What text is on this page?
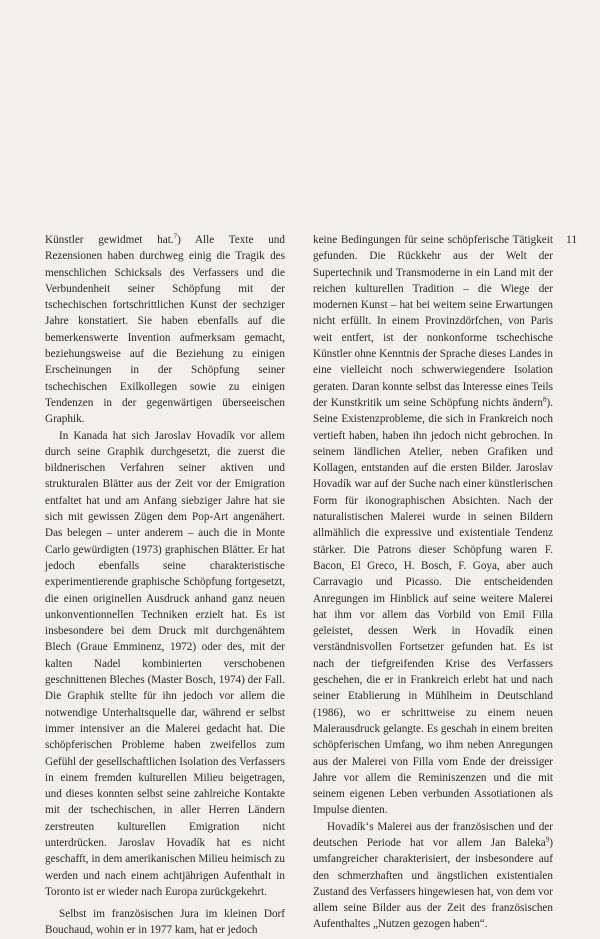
Künstler gewidmet hat.$^7$) Alle Texte und Rezensionen haben durchweg einig die Tragik des menschlichen Schicksals des Verfassers und die Verbundenheit seiner Schöpfung mit der tschechischen fortschrittlichen Kunst der sechziger Jahre konstatiert. Sie haben ebenfalls auf die bemerkenswerte Invention aufmerksam gemacht, beziehungsweise auf die Beziehung zu einigen Erscheinungen in der Schöpfung seiner tschechischen Exilkollegen sowie zu einigen Tendenzen in der gegenwärtigen überseeischen Graphik.

In Kanada hat sich Jaroslav Hovadík vor allem durch seine Graphik durchgesetzt, die zuerst die bildnerischen Verfahren seiner aktiven und strukturalen Blätter aus der Zeit vor der Emigration entfaltet hat und am Anfang siebziger Jahre hat sie sich mit gewissen Zügen dem Pop-Art angenähert. Das belegen – unter anderem – auch die in Monte Carlo gewürdigten (1973) graphischen Blätter. Er hat jedoch ebenfalls seine charakteristische experimentierende graphische Schöpfung fortgesetzt, die einen originellen Ausdruck anhand ganz neuen unkonventionnellen Techniken erzielt hat. Es ist insbesondere bei dem Druck mit durchgenähtem Blech (Graue Emminenz, 1972) oder des, mit der kalten Nadel kombinierten verschobenen geschnittenen Bleches (Master Bosch, 1974) der Fall. Die Graphik stellte für ihn jedoch vor allem die notwendige Unterhaltsquelle dar, während er selbst immer intensiver an die Malerei gedacht hat. Die schöpferischen Probleme haben zweifellos zum Gefühl der gesellschaftlichen Isolation des Verfassers in einem fremden kulturellen Milieu beigetragen, und dieses konnten selbst seine zahlreiche Kontakte mit der tschechischen, in aller Herren Ländern zerstreuten kulturellen Emigration nicht unterdrücken. Jaroslav Hovadík hat es nicht geschafft, in dem amerikanischen Milieu heimisch zu werden und nach einem achtjährigen Aufenthalt in Toronto ist er wieder nach Europa zurückgekehrt.

Selbst im französischen Jura im kleinen Dorf Bouchaud, wohin er in 1977 kam, hat er jedoch

keine Bedingungen für seine schöpferische Tätigkeit gefunden. Die Rückkehr aus der Welt der Supertechnik und Transmoderne in ein Land mit der reichen kulturellen Tradition – die Wiege der modernen Kunst – hat bei weitem seine Erwartungen nicht erfüllt. In einem Provinzdörfchen, von Paris weit entfert, ist der nonkonforme tschechische Künstler ohne Kenntnis der Sprache dieses Landes in eine vielleicht noch schwerwiegendere Isolation geraten. Daran konnte selbst das Interesse eines Teils der Kunstkritik um seine Schöpfung nichts ändern$^8$). Seine Existenzprobleme, die sich in Frankreich noch vertieft haben, haben ihn jedoch nicht gebrochen. In seinem ländlichen Atelier, neben Grafiken und Kollagen, entstanden auf die ersten Bilder. Jaroslav Hovadík war auf der Suche nach einer künstlerischen Form für ikonographischen Absichten. Nach der naturalistischen Malerei wurde in seinen Bildern allmählich die expressive und existentiale Tendenz stärker. Die Patrons dieser Schöpfung waren F. Bacon, El Greco, H. Bosch, F. Goya, aber auch Carravagio und Picasso. Die entscheidenden Anregungen im Hinblick auf seine weitere Malerei hat ihm vor allem das Vorbild von Emil Filla geleistet, dessen Werk in Hovadík einen verständnisvollen Fortsetzer gefunden hat. Es ist nach der tiefgreifenden Krise des Verfassers geschehen, die er in Frankreich erlebt hat und nach seiner Etablierung in Mühlheim in Deutschland (1986), wo er schrittweise zu einem neuen Malerausdruck gelangte. Es geschah in einem breiten schöpferischen Umfang, wo ihm neben Anregungen aus der Malerei von Filla vom Ende der dreissiger Jahre vor allem die Reminiszenzen und die mit seinem eigenen Leben verbunden Assotiationen als Impulse dienten.

Hovadík‘s Malerei aus der französischen und der deutschen Periode hat vor allem Jan Baleka$^9$) umfangreicher charakterisiert, der insbesondere auf den schmerzhaften und ängstlichen existentialen Zustand des Verfassers hingewiesen hat, von dem vor allem seine Bilder aus der Zeit des französischen Aufenthaltes „Nutzen gezogen haben“.

11
